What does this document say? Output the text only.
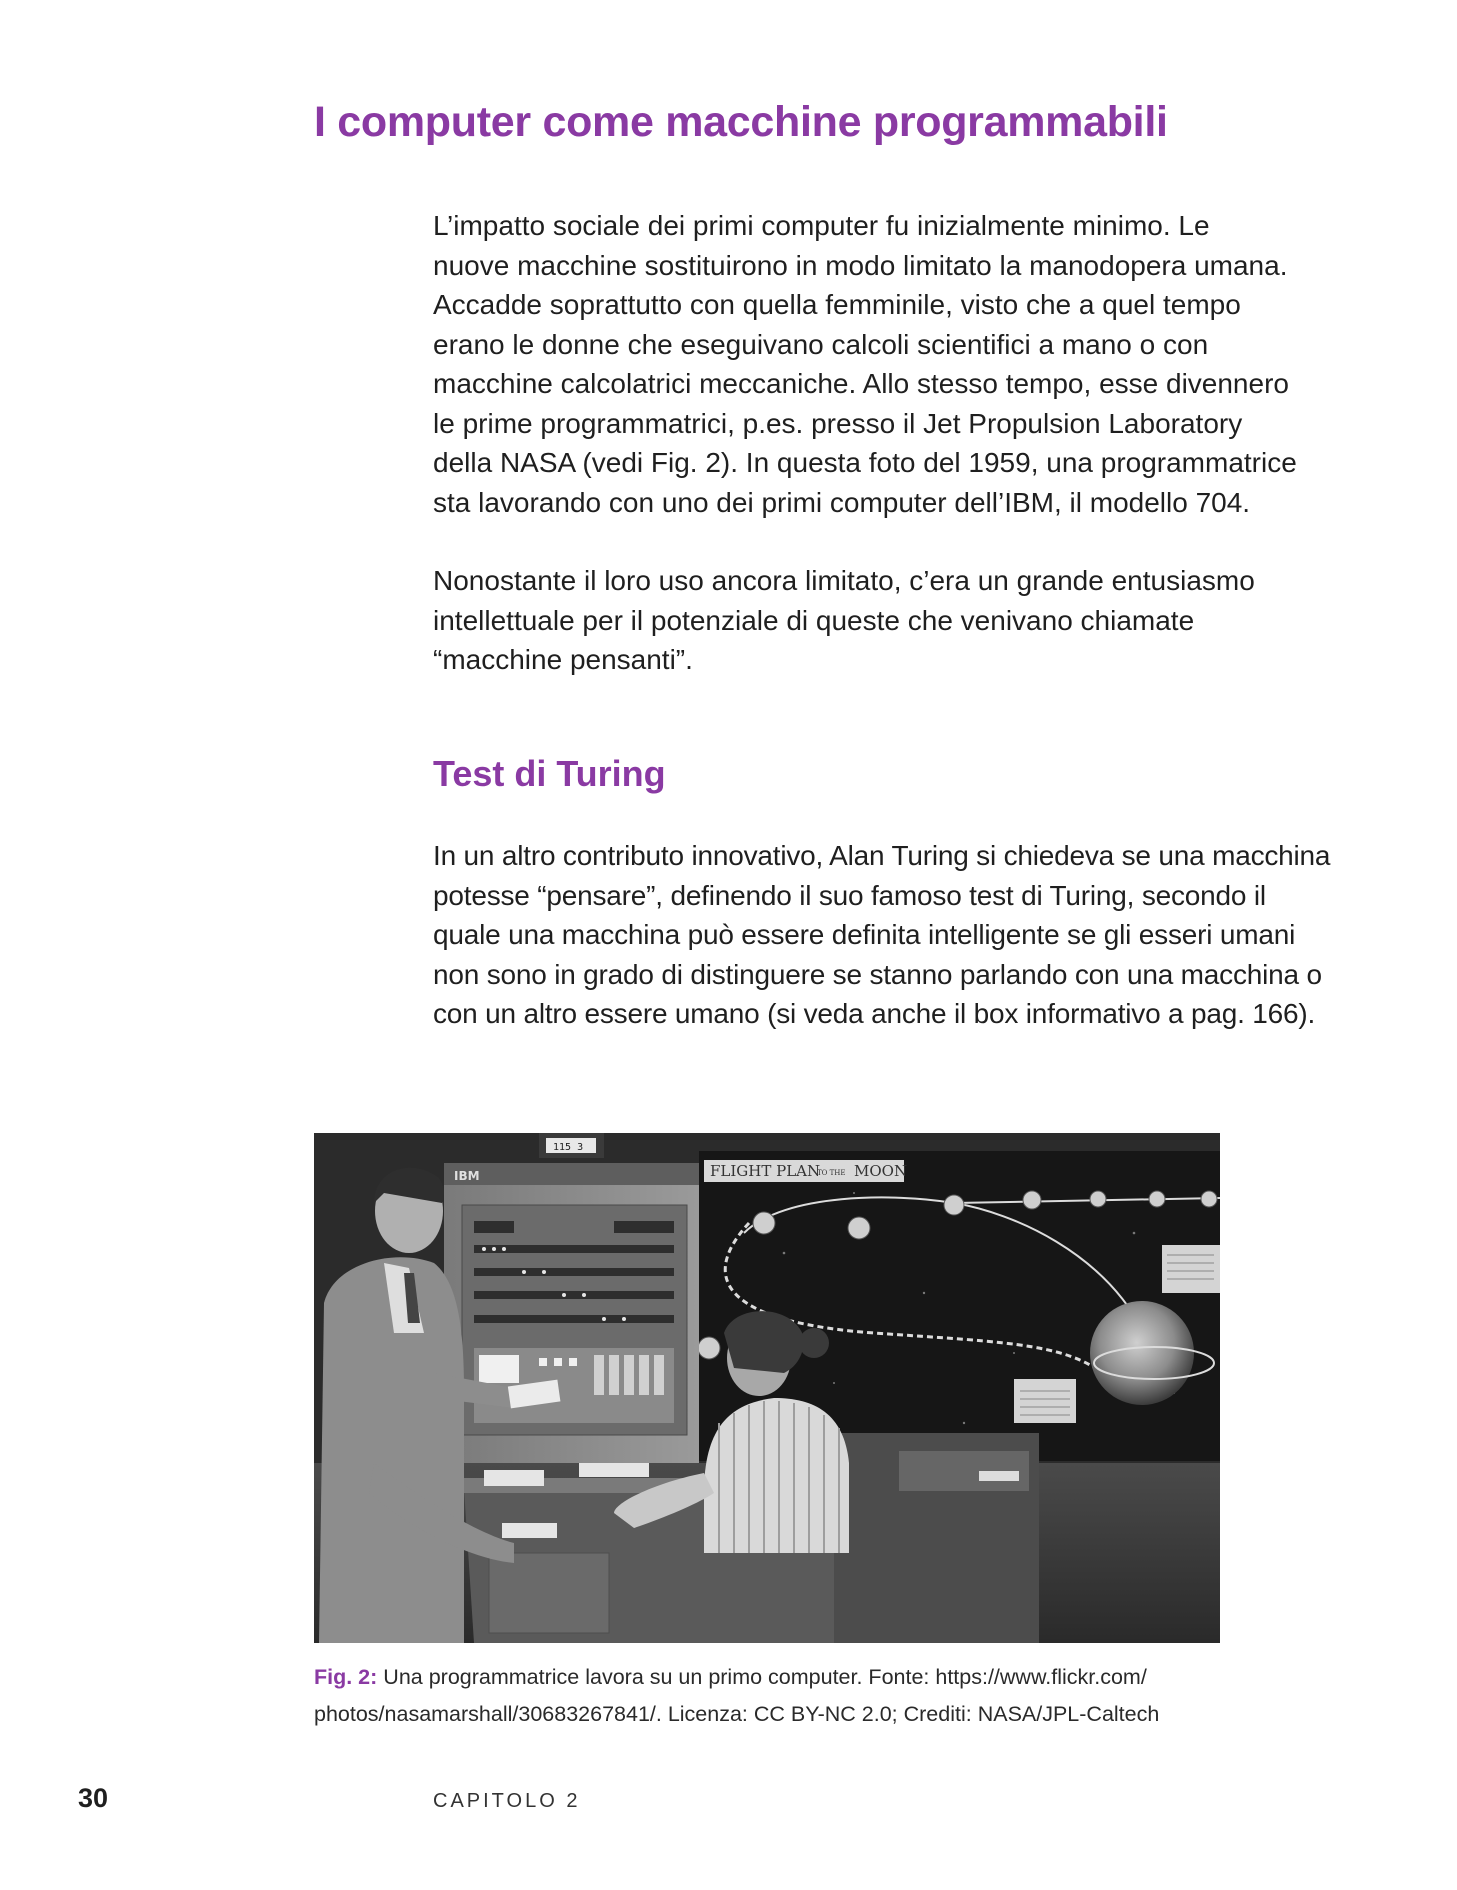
I computer come macchine programmabili
L’impatto sociale dei primi computer fu inizialmente minimo. Le
nuove macchine sostituirono in modo limitato la manodopera umana.
Accadde soprattutto con quella femminile, visto che a quel tempo
erano le donne che eseguivano calcoli scientifici a mano o con
macchine calcolatrici meccaniche. Allo stesso tempo, esse divennero
le prime programmatrici, p.es. presso il Jet Propulsion Laboratory
della NASA (vedi Fig. 2). In questa foto del 1959, una programmatrice
sta lavorando con uno dei primi computer dell’IBM, il modello 704.
Nonostante il loro uso ancora limitato, c’era un grande entusiasmo
intellettuale per il potenziale di queste che venivano chiamate
“macchine pensanti”.
Test di Turing
In un altro contributo innovativo, Alan Turing si chiedeva se una macchina
potesse “pensare”, definendo il suo famoso test di Turing, secondo il
quale una macchina può essere definita intelligente se gli esseri umani
non sono in grado di distinguere se stanno parlando con una macchina o
con un altro essere umano (si veda anche il box informativo a pag. 166).
FLIGHT PLAN
TO THE MOON
115 3
IBM
Fig. 2: Una programmatrice lavora su un primo computer. Fonte: https://www.flickr.com/
photos/nasamarshall/30683267841/. Licenza: CC BY-NC 2.0; Crediti: NASA/JPL-Caltech
30	CAPITOLO 2
